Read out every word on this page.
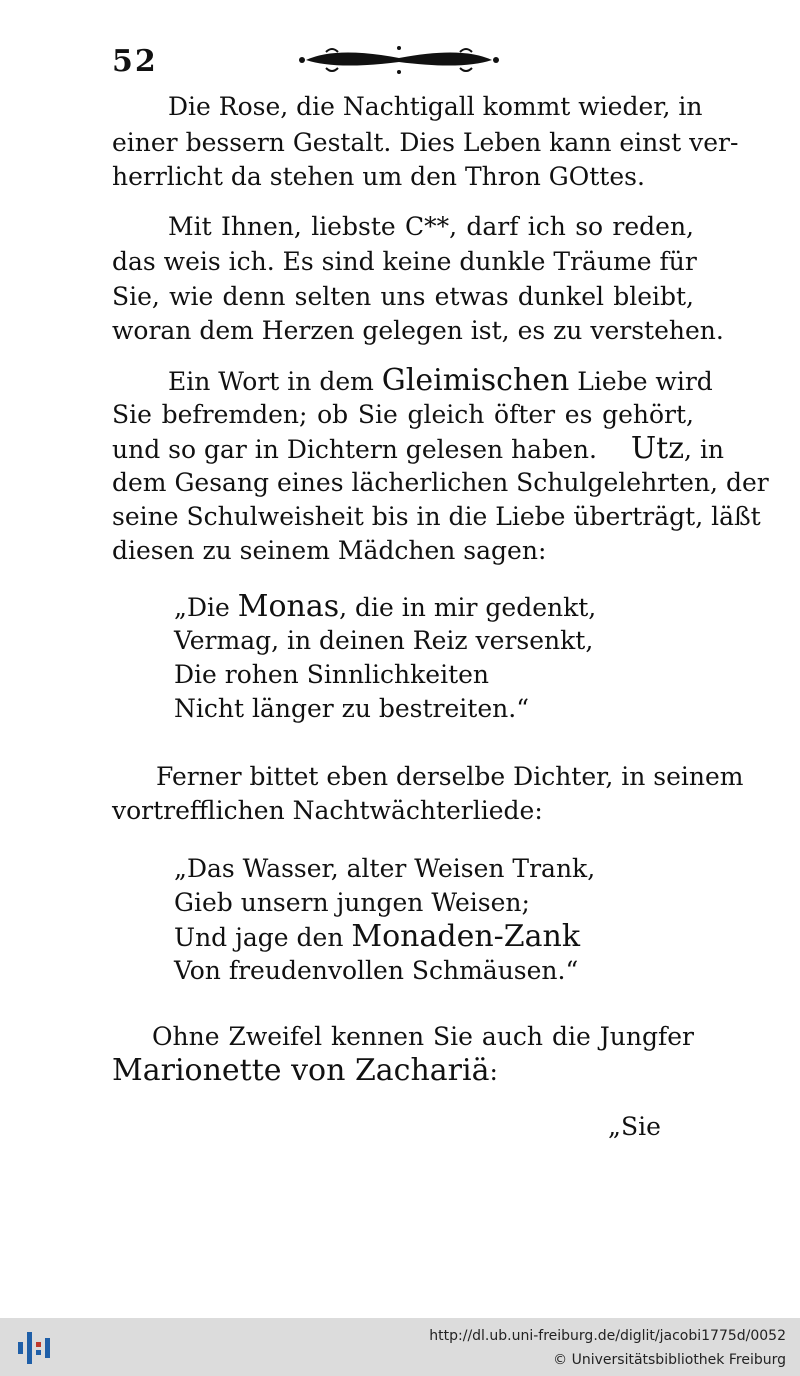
52
Die Rose, die Nachtigall kommt wieder, in
einer bessern Gestalt. Dies Leben kann einst ver-
herrlicht da stehen um den Thron GOttes.
Mit Ihnen, liebste C**, darf ich so reden,
das weis ich. Es sind keine dunkle Träume für
Sie, wie denn selten uns etwas dunkel bleibt,
woran dem Herzen gelegen ist, es zu verstehen.
Ein Wort in dem Gleimischen Liebe wird
Sie befremden; ob Sie gleich öfter es gehört,
und so gar in Dichtern gelesen haben. Utz, in
dem Gesang eines lächerlichen Schulgelehrten, der
seine Schulweisheit bis in die Liebe überträgt, läßt
diesen zu seinem Mädchen sagen:
„Die Monas, die in mir gedenkt,
Vermag, in deinen Reiz versenkt,
Die rohen Sinnlichkeiten
Nicht länger zu bestreiten.“
Ferner bittet eben derselbe Dichter, in seinem
vortrefflichen Nachtwächterliede:
„Das Wasser, alter Weisen Trank,
Gieb unsern jungen Weisen;
Und jage den Monaden-Zank
Von freudenvollen Schmäusen.“
Ohne Zweifel kennen Sie auch die Jungfer
Marionette von Zachariä:
„Sie
http://dl.ub.uni-freiburg.de/diglit/jacobi1775d/0052
© Universitätsbibliothek Freiburg
